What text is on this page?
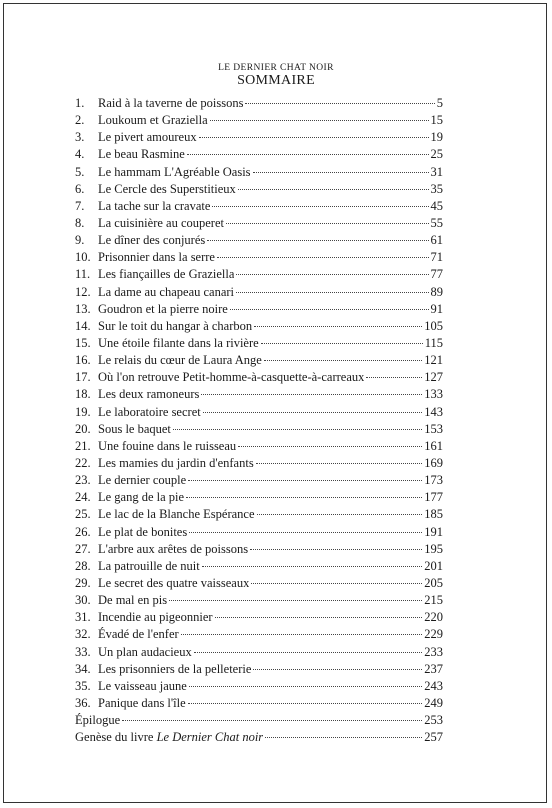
LE DERNIER CHAT NOIR
SOMMAIRE
1.	Raid à la taverne de poissons	5
2.	Loukoum et Graziella	15
3.	Le pivert amoureux	19
4.	Le beau Rasmine	25
5.	Le hammam L'Agréable Oasis	31
6.	Le Cercle des Superstitieux	35
7.	La tache sur la cravate	45
8.	La cuisinière au couperet	55
9.	Le dîner des conjurés	61
10. Prisonnier dans la serre	71
11. Les fiançailles de Graziella	77
12. La dame au chapeau canari	89
13. Goudron et la pierre noire	91
14. Sur le toit du hangar à charbon	105
15. Une étoile filante dans la rivière	115
16. Le relais du cœur de Laura Ange	121
17. Où l'on retrouve Petit-homme-à-casquette-à-carreaux	127
18. Les deux ramoneurs	133
19. Le laboratoire secret	143
20. Sous le baquet	153
21. Une fouine dans le ruisseau	161
22. Les mamies du jardin d'enfants	169
23. Le dernier couple	173
24. Le gang de la pie	177
25. Le lac de la Blanche Espérance	185
26. Le plat de bonites	191
27. L'arbre aux arêtes de poissons	195
28. La patrouille de nuit	201
29. Le secret des quatre vaisseaux	205
30. De mal en pis	215
31. Incendie au pigeonnier	220
32. Évadé de l'enfer	229
33. Un plan audacieux	233
34. Les prisonniers de la pelleterie	237
35. Le vaisseau jaune	243
36. Panique dans l'île	249
Épilogue	253
Genèse du livre Le Dernier Chat noir	257
